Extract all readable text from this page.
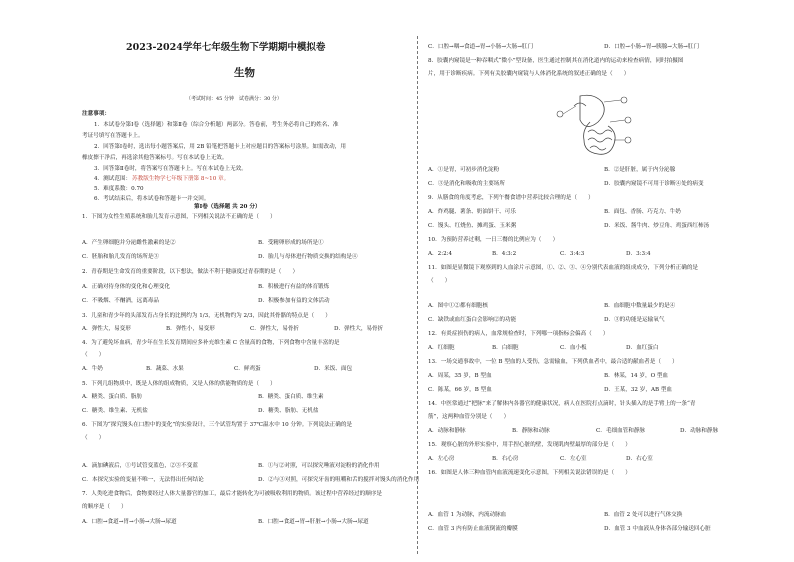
2023-2024学年七年级生物下学期期中模拟卷
生物
（考试时间：45 分钟　试卷满分：30 分）
注意事项：
1．本试卷分第Ⅰ卷（选择题）和第Ⅱ卷（综合分析题）两部分。答卷前，考生务必将自己的姓名、准
考证号填写在答题卡上。
2．回答第Ⅰ卷时，选出每小题答案后，用 2B 铅笔把答题卡上对应题目的答案标号涂黑。如需改动，用
橡皮擦干净后，再选涂其他答案标号。写在本试卷上无效。
3．回答第Ⅱ卷时，将答案写在答题卡上。写在本试卷上无效。
4．测试范围： 苏教版生物学七年级下册第 8~10 章。
5．难度系数：0.70
6．考试结束后，将本试卷和答题卡一并交回。
第Ⅰ卷（选择题 共 20 分）
1．下图为女性生殖系统和胎儿发育示意图，下列相关说法不正确的是（　　）
A．产生卵细胞并分泌雌性激素的是②	B．受精卵形成的场所是①
C．胚胎和胎儿发育的场所是③	D．胎儿与母体进行物质交换的结构是④
2．青春期是生命发育的重要阶段，以下想法，做法不利于健康度过青春期的是（　　）
A．正确对待身体的变化和心理变化	B．积极进行有益的体育锻炼
C．不吸烟、不酗酒，远离毒品	D．积极参加有益的文体活动
3．儿童和青少年的头部发育占身长的比例约为 1/3，无机物约为 2/3，因此其骨骼的特点是（　　）
A．弹性大，易变形	B．弹性小，易变形	C．弹性大，易骨折	D．弹性大，易骨折
4．为了避免坏血病，青少年在生长发育期间应多补充维生素 C 含量高的食物，下列食物中含量丰富的是
（　　）
A．牛奶	B．蔬菜、水果	C．鲜鸡蛋	D．米饭、面包
5．下列几组物质中，既是人体的组成物质，又是人体的供能物质的是（　　）
A．糖类、蛋白质、脂肪	B．糖类、蛋白质、维生素
C．糖类、维生素、无机盐	D．糖类、脂肪、无机盐
6．下图为“探究馒头在口腔中的变化”的实验设计，三个试管均置于 37℃温水中 10 分钟。下列说法正确的是
（　　）
A．滴加碘液后，①号试管变蓝色，②③不变蓝	B．①与②对照，可以探究唾液对淀粉的消化作用
C．本探究实验的变量不唯一，无法得出任何结论	D．②与③对照，可探究牙齿的咀嚼和舌的搅拌对馒头的消化作用
7．人类吃进食物后，食物要经过人体大量器官的加工，最后才能转化为可被吸收利用的物质。该过程中营养经过的顺序是
的顺序是（　　）
A．口腔→食道→胃→小肠→大肠→尿道	B．口腔→食道→胃→肝脏→小肠→大肠→尿道
C．口腔→咽→食道→胃→小肠→大肠→肛门	D．口腔→小肠→胃→胰腺→大肠→肛门
8．胶囊内窥镜是一种吞咽式“微小”型设备，医生通过控制其在消化道内的运动来检查病情，同时拍摄图
片，用于诊断疾病。下列有关胶囊内窥镜与人体消化系统的叙述正确的是（　　）
A．①是胃，可初步消化淀粉	B．②是肝脏，属于内分泌腺
C．③是消化和吸收的主要场所	D．胶囊内窥镜不可用于诊断④处的病变
9．从膳食的角度考虑，下列午餐食谱中营养比较合理的是（　　）
A．炸鸡腿、薯条、奶油饼干、可乐	B．面包、香肠、巧克力、牛奶
C．馒头、红烧鱼、摊鸡蛋、玉米粥	D．米饭、酱牛肉、炒豆角、鸡蛋西红柿汤
10．为预防营养过剩，一日三餐的比例应为（　　）
A．2:2:4	B．4:3:2	C．3:4:3	D．3:3:4
11．如图是显微镜下观察到的人血涂片示意图，①、②、③、④分别代表血液的组成成分，下列分析正确的是
（　　）
A．图中①②都有细胞核	B．血细胞中数量最少的是④
C．缺铁或血红蛋白会影响②的功能	D．③的功能是运输氧气
12．有炎症损伤的病人，血常规检查时，下列哪一项指标会偏高（　　）
A．红细胞	B．白细胞	C．血小板	D．血红蛋白
13．一场交通事故中，一位 B 型血的人受伤，急需输血，下列供血者中，最合适的献血者是（　　）
A．周某，35 岁，B 型血	B．林某，14 岁，O 型血
C．陈某，66 岁，B 型血	D．王某，32 岁，AB 型血
14．中医常通过“把脉”来了解体内各器官的健康状况，病人在医院打点滴时，针头插入的是手臂上的一条“青
筋”，这两种血管分别是（　　）
A．动脉和静脉	B．静脉和动脉	C．毛细血管和静脉	D．动脉和静脉
15．观察心脏的外形实验中，用手捏心脏的壁，发现肌肉壁最厚的部分是（　　）
A．左心房	B．右心房	C．左心室	D．右心室
16．如图是人体三种血管内血液流速变化示意图，下列相关说法错误的是（　　）
A．血管 1 为动脉，内流动脉血	B．血管 2 处可以进行气体交换
C．血管 3 内有防止血液倒流的瓣膜	D．血管 3 中血液从身体各部分输送回心脏
